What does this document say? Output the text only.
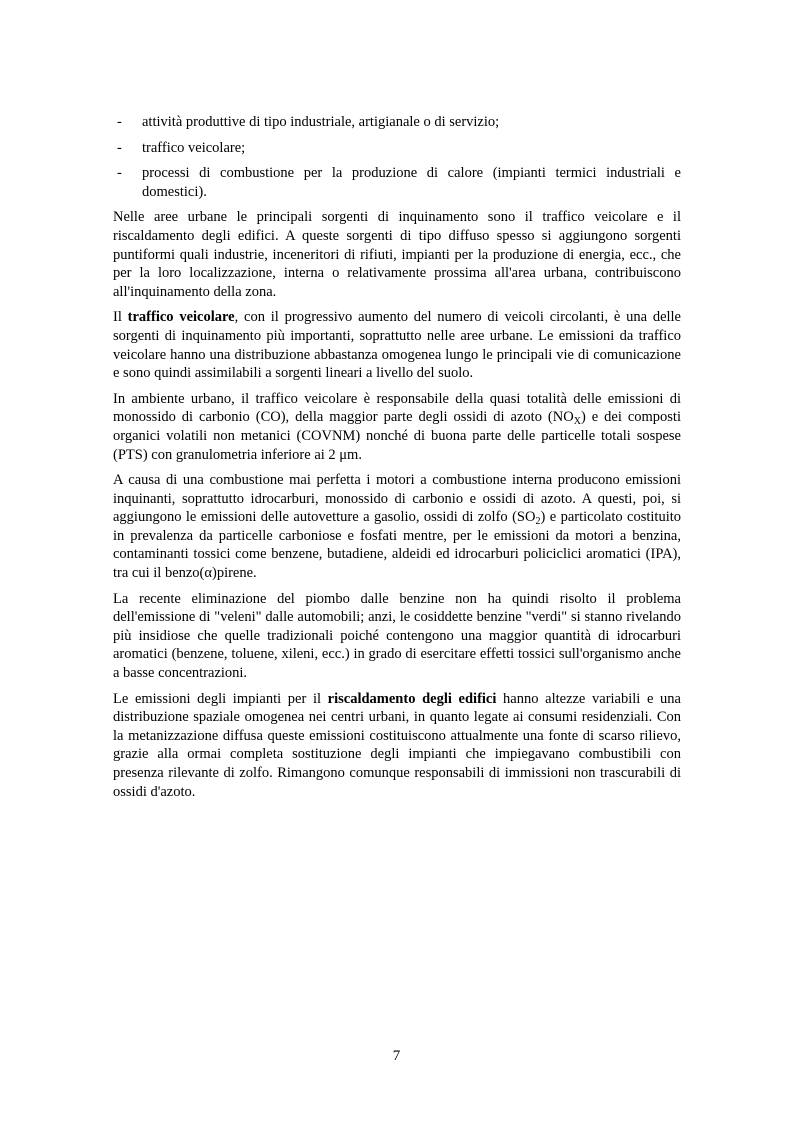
- attività produttive di tipo industriale, artigianale o di servizio;
- traffico veicolare;
- processi di combustione per la produzione di calore (impianti termici industriali e domestici).

Nelle aree urbane le principali sorgenti di inquinamento sono il traffico veicolare e il riscaldamento degli edifici. A queste sorgenti di tipo diffuso spesso si aggiungono sorgenti puntiformi quali industrie, inceneritori di rifiuti, impianti per la produzione di energia, ecc., che per la loro localizzazione, interna o relativamente prossima all'area urbana, contribuiscono all'inquinamento della zona.

Il traffico veicolare, con il progressivo aumento del numero di veicoli circolanti, è una delle sorgenti di inquinamento più importanti, soprattutto nelle aree urbane. Le emissioni da traffico veicolare hanno una distribuzione abbastanza omogenea lungo le principali vie di comunicazione e sono quindi assimilabili a sorgenti lineari a livello del suolo.

In ambiente urbano, il traffico veicolare è responsabile della quasi totalità delle emissioni di monossido di carbonio (CO), della maggior parte degli ossidi di azoto $(NO_X)$ e dei composti organici volatili non metanici (COVNM) nonché di buona parte delle particelle totali sospese (PTS) con granulometria inferiore ai 2 μm.

A causa di una combustione mai perfetta i motori a combustione interna producono emissioni inquinanti, soprattutto idrocarburi, monossido di carbonio e ossidi di azoto. A questi, poi, si aggiungono le emissioni delle autovetture a gasolio, ossidi di zolfo $(SO_2)$ e particolato costituito in prevalenza da particelle carboniose e fosfati mentre, per le emissioni da motori a benzina, contaminanti tossici come benzene, butadiene, aldeidi ed idrocarburi policiclici aromatici (IPA), tra cui il benzo(α)pirene.

La recente eliminazione del piombo dalle benzine non ha quindi risolto il problema dell'emissione di "veleni" dalle automobili; anzi, le cosiddette benzine "verdi" si stanno rivelando più insidiose che quelle tradizionali poiché contengono una maggior quantità di idrocarburi aromatici (benzene, toluene, xileni, ecc.) in grado di esercitare effetti tossici sull'organismo anche a basse concentrazioni.

Le emissioni degli impianti per il riscaldamento degli edifici hanno altezze variabili e una distribuzione spaziale omogenea nei centri urbani, in quanto legate ai consumi residenziali. Con la metanizzazione diffusa queste emissioni costituiscono attualmente una fonte di scarso rilievo, grazie alla ormai completa sostituzione degli impianti che impiegavano combustibili con presenza rilevante di zolfo. Rimangono comunque responsabili di immissioni non trascurabili di ossidi d'azoto.

7
